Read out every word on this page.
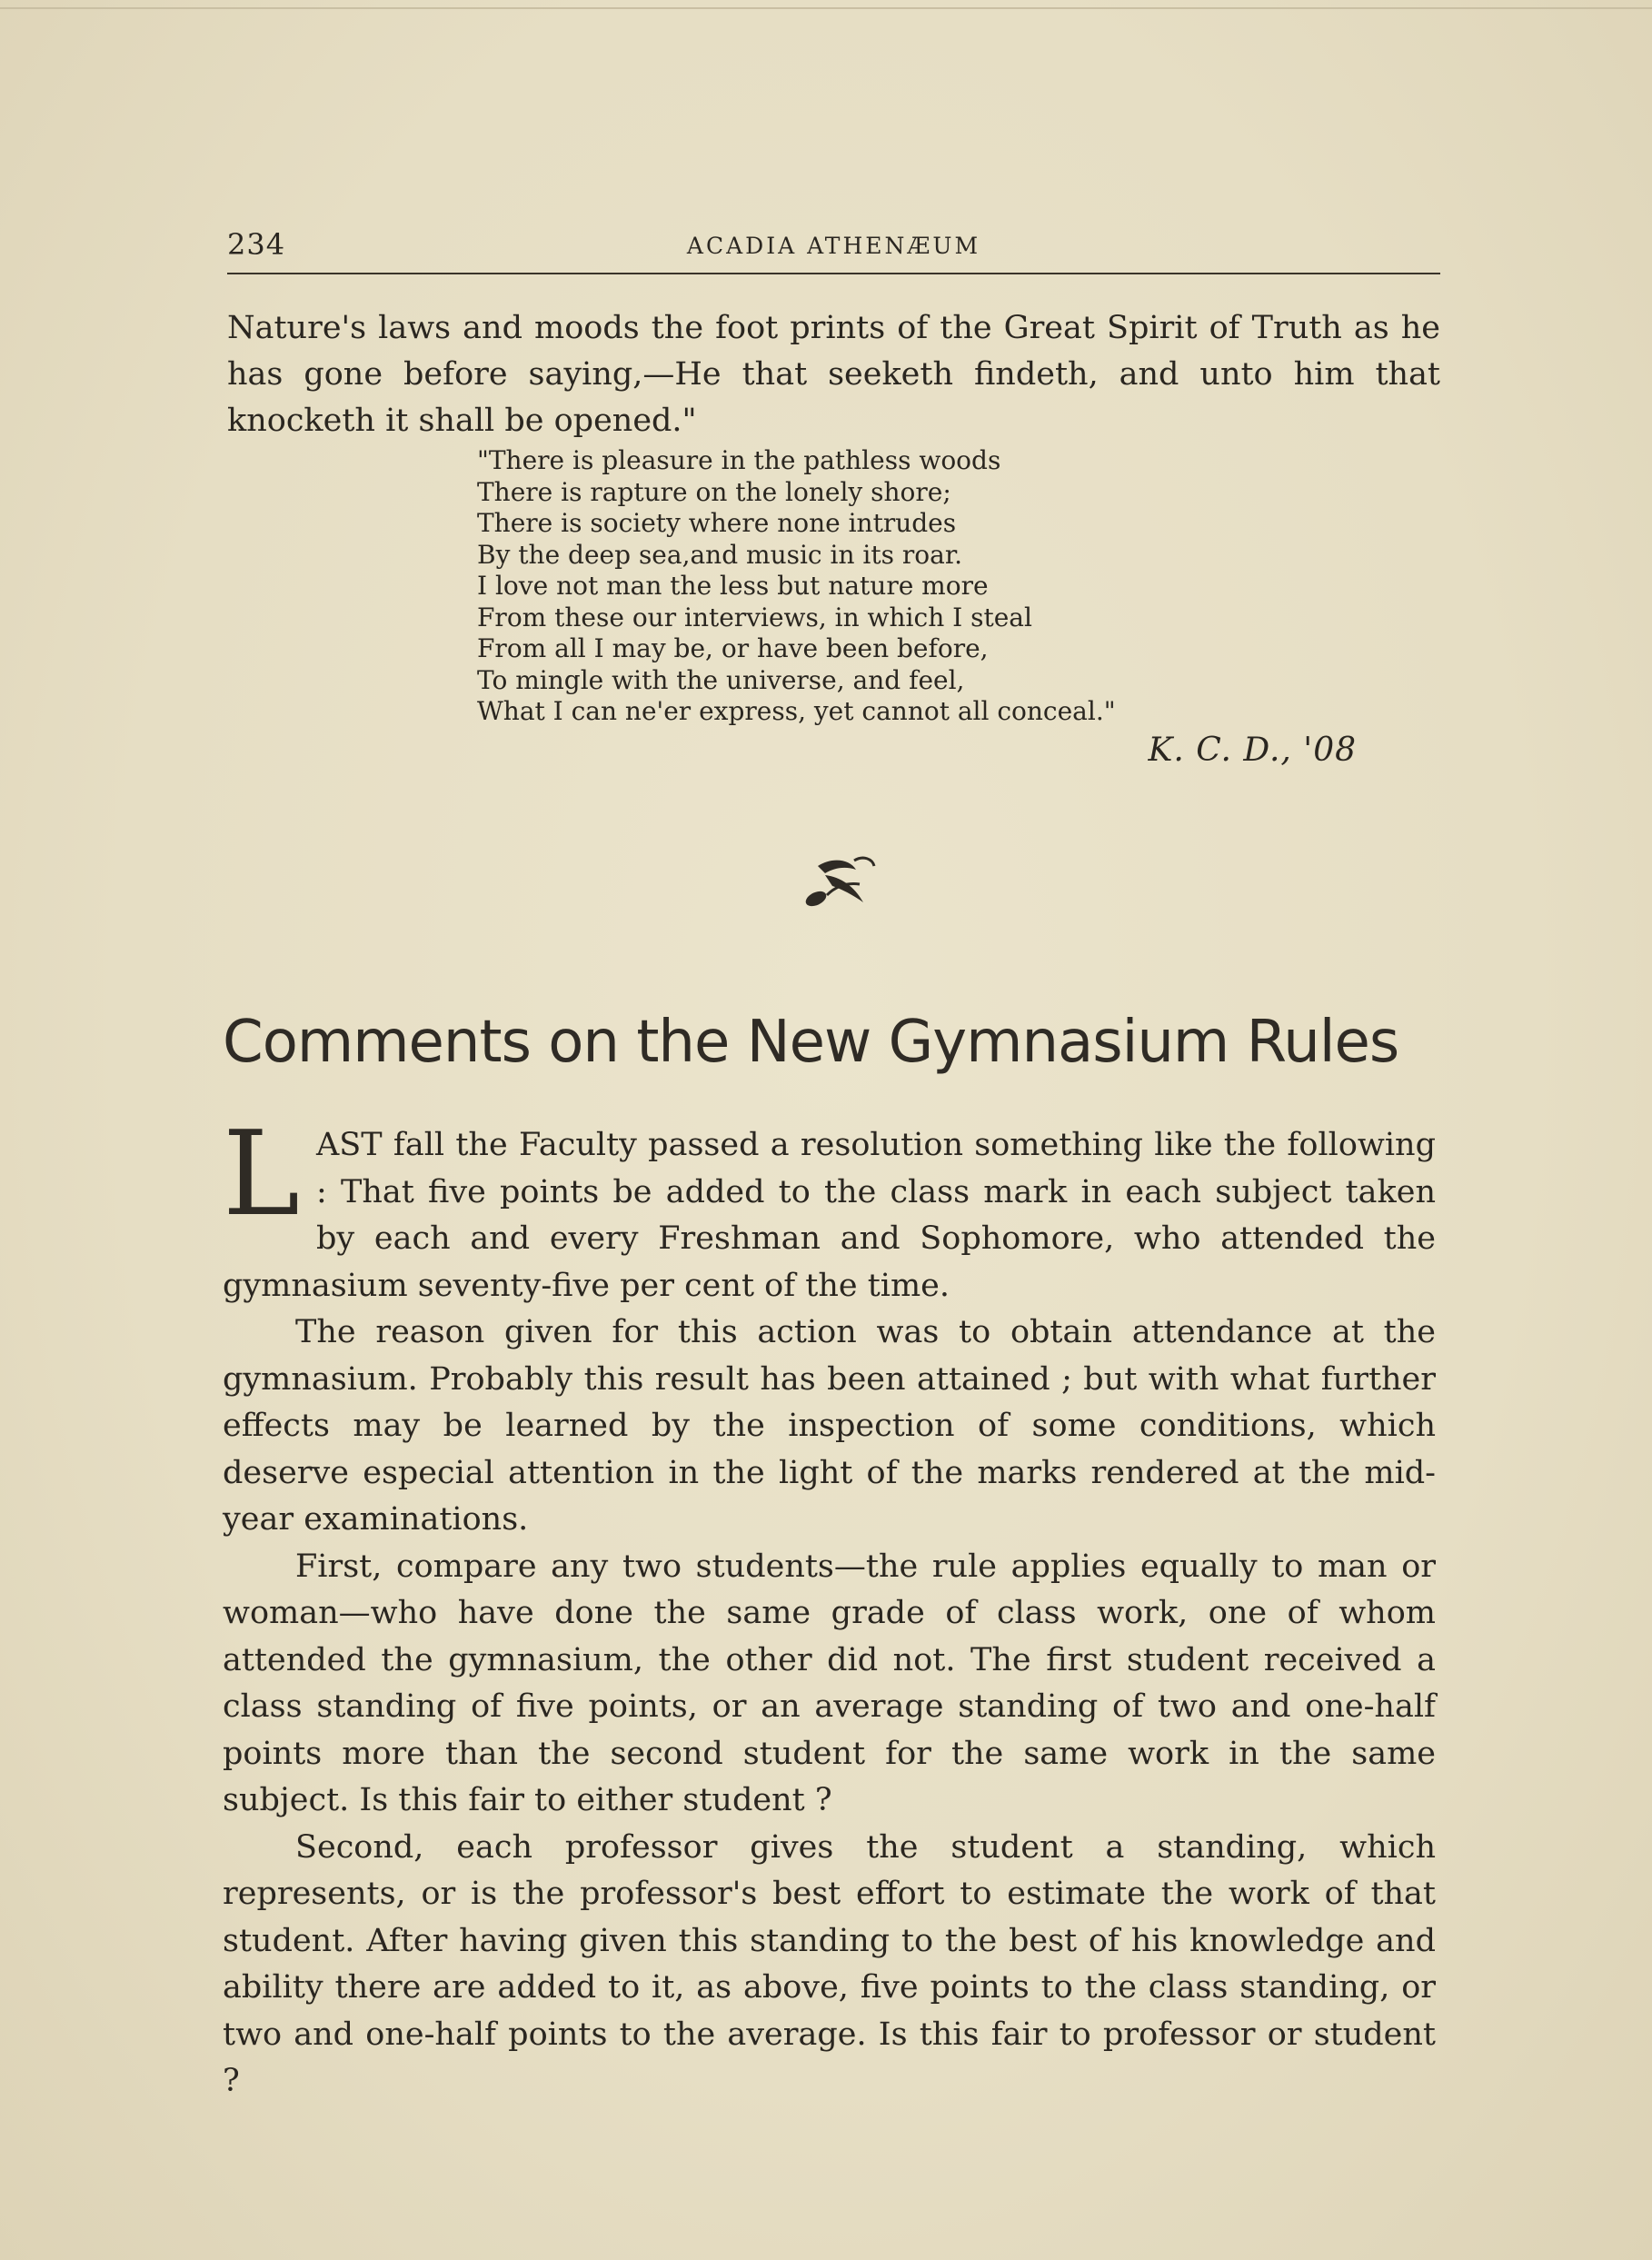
234	ACADIA ATHENÆUM

Nature's laws and moods the foot prints of the Great Spirit of Truth as he has gone before saying,—He that seeketh findeth, and unto him that knocketh it shall be opened."

"There is pleasure in the pathless woods
There is rapture on the lonely shore;
There is society where none intrudes
By the deep sea,and music in its roar.
I love not man the less but nature more
From these our interviews, in which I steal
From all I may be, or have been before,
To mingle with the universe, and feel,
What I can ne'er express, yet cannot all conceal."
K. C. D., '08
Comments on the New Gymnasium Rules

LAST fall the Faculty passed a resolution something like the following : That five points be added to the class mark in each subject taken by each and every Freshman and Sophomore, who attended the gymnasium seventy-five per cent of the time.

The reason given for this action was to obtain attendance at the gymnasium. Probably this result has been attained ; but with what further effects may be learned by the inspection of some conditions, which deserve especial attention in the light of the marks rendered at the mid-year examinations.

First, compare any two students—the rule applies equally to man or woman—who have done the same grade of class work, one of whom attended the gymnasium, the other did not. The first student received a class standing of five points, or an average standing of two and one-half points more than the second student for the same work in the same subject. Is this fair to either student ?

Second, each professor gives the student a standing, which represents, or is the professor's best effort to estimate the work of that student. After having given this standing to the best of his knowledge and ability there are added to it, as above, five points to the class standing, or two and one-half points to the average. Is this fair to professor or student ?
